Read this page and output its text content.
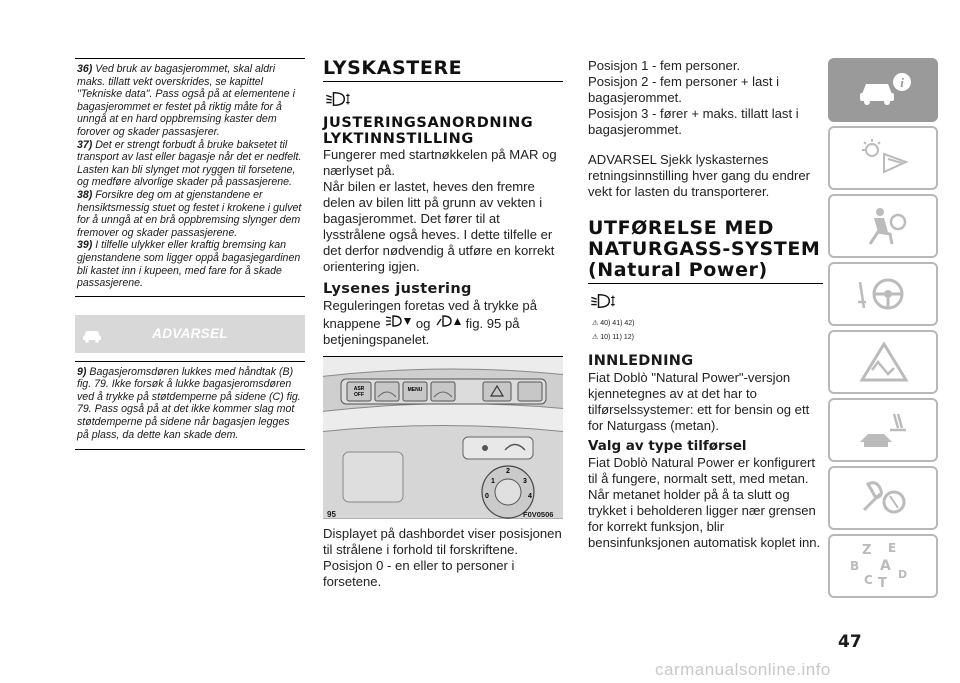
36) Ved bruk av bagasjerommet, skal aldri maks. tillatt vekt overskrides, se kapittel "Tekniske data". Pass også på at elementene i bagasjerommet er festet på riktig måte for å unngå at en hard oppbremsing kaster dem forover og skader passasjerer.

37) Det er strengt forbudt å bruke baksetet til transport av last eller bagasje når det er nedfelt. Lasten kan bli slynget mot ryggen til forsetene, og medføre alvorlige skader på passasjerene.

38) Forsikre deg om at gjenstandene er hensiktsmessig stuet og festet i krokene i gulvet for å unngå at en brå oppbremsing slynger dem fremover og skader passasjerene.

39) I tilfelle ulykker eller kraftig bremsing kan gjenstandene som ligger oppå bagasjegardinen bli kastet inn i kupeen, med fare for å skade passasjerene.

ADVARSEL

9) Bagasjeromsdøren lukkes med håndtak (B) fig. 79. Ikke forsøk å lukke bagasjeromsdøren ved å trykke på støtdemperne på sidene (C) fig. 79. Pass også på at det ikke kommer slag mot støtdemperne på sidene når bagasjen legges på plass, da dette kan skade dem.

LYSKASTERE
JUSTERINGSANORDNING LYKTINNSTILLING

Fungerer med startnøkkelen på MAR og nærlyset på.

Når bilen er lastet, heves den fremre delen av bilen litt på grunn av vekten i bagasjerommet. Det fører til at lysstrålene også heves. I dette tilfelle er det derfor nødvendig å utføre en korrekt orientering igjen.

Lysenes justering

Reguleringen foretas ved å trykke på

knappene	og	fig. 95 på

betjeningspanelet.

ASR
OFF
MENU
0
1
2
3
4
95	F0V0506

Displayet på dashbordet viser posisjonen til strålene i forhold til forskriftene.

Posisjon 0 - en eller to personer i forsetene.

Posisjon 1 - fem personer.

Posisjon 2 - fem personer + last i bagasjerommet.

Posisjon 3 - fører + maks. tillatt last i bagasjerommet.

ADVARSEL Sjekk lyskasternes retningsinnstilling hver gang du endrer vekt for lasten du transporterer.

UTFØRELSE MED NATURGASS-SYSTEM (Natural Power)
⚠ 40) 41) 42)
⚠ 10) 11) 12)
INNLEDNING

Fiat Doblò "Natural Power"-versjon kjennetegnes av at det har to tilførselssystemer: ett for bensin og ett for Naturgass (metan).

Valg av type tilførsel

Fiat Doblò Natural Power er konfigurert til å fungere, normalt sett, med metan.

Når metanet holder på å ta slutt og trykket i beholderen ligger nær grensen for korrekt funksjon, blir bensinfunksjonen automatisk koplet inn.

i
Z E
B A
C T
D
47
carmanualsonline.info
